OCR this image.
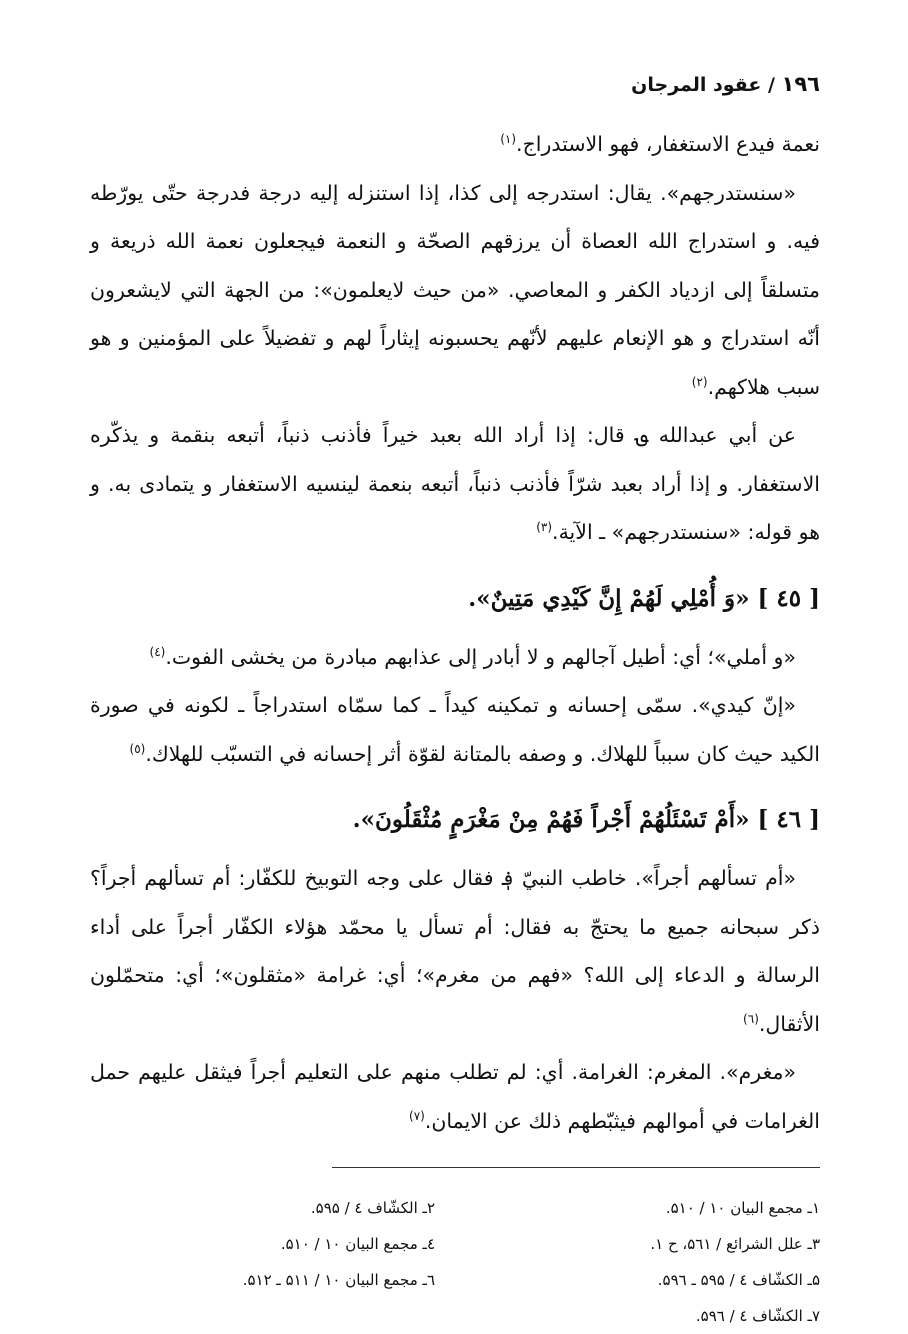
۱۹٦ / عقود المرجان

نعمة فيدع الاستغفار، فهو الاستدراج.$^{(۱)}$

«سنستدرجهم». يقال: استدرجه إلى كذا، إذا استنزله إليه درجة فدرجة حتّى يورّطه فيه. و استدراج الله العصاة أن يرزقهم الصحّة و النعمة فيجعلون نعمة الله ذريعة و متسلقاً إلى ازدياد الكفر و المعاصي. «من حيث لايعلمون»: من الجهة التي لايشعرون أنّه استدراج و هو الإنعام عليهم لأنّهم يحسبونه إيثاراً لهم و تفضيلاً على المؤمنين و هو سبب هلاكهم.$^{(۲)}$

عن أبي عبدالله ؈ قال: إذا أراد الله بعبد خيراً فأذنب ذنباً، أتبعه بنقمة و يذكّره الاستغفار. و إذا أراد بعبد شرّاً فأذنب ذنباً، أتبعه بنعمة لينسيه الاستغفار و يتمادى به. و هو قوله: «سنستدرجهم» ـ الآية.$^{(۳)}$

[ ٤٥ ] «وَ أُمْلِي لَهُمْ إِنَّ كَيْدِي مَتِينٌ».

«و أملي»؛ أي: أطيل آجالهم و لا أبادر إلى عذابهم مبادرة من يخشى الفوت.$^{(٤)}$

«إنّ كيدي». سمّى إحسانه و تمكينه كيداً ـ كما سمّاه استدراجاً ـ لكونه في صورة الكيد حيث كان سبباً للهلاك. و وصفه بالمتانة لقوّة أثر إحسانه في التسبّب للهلاك.$^{(٥)}$

[ ٤٦ ] «أَمْ تَسْئَلُهُمْ أَجْراً فَهُمْ مِنْ مَغْرَمٍ مُثْقَلُونَ».

«أم تسألهم أجراً». خاطب النبيّ ؋ فقال على وجه التوبيخ للكفّار: أم تسألهم أجراً؟ ذكر سبحانه جميع ما يحتجّ به فقال: أم تسأل يا محمّد هؤلاء الكفّار أجراً على أداء الرسالة و الدعاء إلى الله؟ «فهم من مغرم»؛ أي: غرامة «مثقلون»؛ أي: متحمّلون الأثقال.$^{(٦)}$

«مغرم». المغرم: الغرامة. أي: لم تطلب منهم على التعليم أجراً فيثقل عليهم حمل الغرامات في أموالهم فيثبّطهم ذلك عن الايمان.$^{(۷)}$

۱ـ مجمع البيان ۱۰ / ۵۱۰.
۲ـ الكشّاف ٤ / ۵۹۵.
۳ـ علل الشرائع / ۵٦۱، ح ۱.
٤ـ مجمع البيان ۱۰ / ۵۱۰.
۵ـ الكشّاف ٤ / ۵۹۵ ـ ۵۹٦.
٦ـ مجمع البيان ۱۰ / ۵۱۱ ـ ۵۱۲.
۷ـ الكشّاف ٤ / ۵۹٦.
